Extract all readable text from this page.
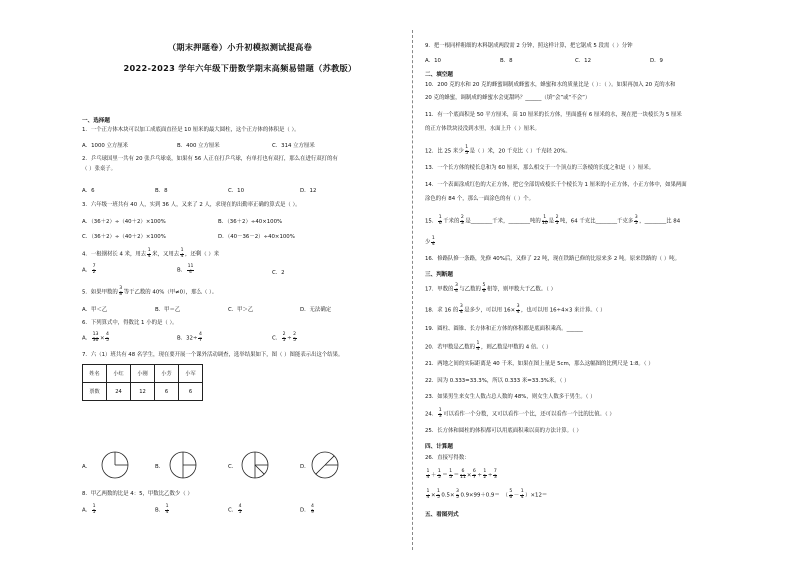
（期末押题卷）小升初模拟测试提高卷
2022-2023 学年六年级下册数学期末高频易错题（苏教版）
一、选择题
1．一个正方体木块可以加工成底面直径是 10 厘米的最大圆柱，这个正方体的体积是（ ）。
A．1000 立方厘米	B．400 立方厘米	C．314 立方厘米
2．乒乓球国里一共有 20 张乒乓球桌，如果有 56 人正在打乒乓球，有单打也有双打，那么在进行双打的有
（ ）张桌子。
A．6	B．8	C．10	D．12
3．六年级一班共有 40 人，实到 36 人，又来了 2 人，求现在的出勤率正确的算式是（ ）。
A．（36＋2）÷（40＋2）×100%	B．（36＋2）÷40×100%
C．（36＋2）÷（40＋2）×100%	D．（40－36－2）÷40×100%
4．一根钢材长 4 米，用去 $\frac{1}{4}$ 米，又用去 $\frac{1}{4}$ ，还剩（ ）米
A． $\frac{7}{2}$	B． $\frac{11}{4}$	C．2
5．如果甲数的 $\frac{3}{8}$ 等于乙数的 40%（甲≠0），那么（ ）。
A．甲＜乙	B．甲＝乙	C．甲＞乙	D．无法确定
6．下列算式中，得数比 1 小的是（ ）。
A． $\frac{13}{36} \times \frac{4}{5}$	B．$32\div \frac{4}{7}$	C． $\frac{2}{5} \div \frac{2}{5}$
7．六（1）班共有 48 名学生，现在要开展一个课外活动调查，选举结果如下，图（ ）图能表示出这个结果。
姓名	小红	小刚	小芳	小军
票数	24	12	6	6
A．	B．	C．	D．
8．甲乙两数的比是 4：5，甲数比乙数少（ ）
A． $\frac{1}{5}$	B． $\frac{1}{4}$	C． $\frac{4}{5}$	D． $\frac{4}{9}$
9．把一根同样粗细的木料锯成两段需 2 分钟，照这样计算，把它锯成 5 段需（ ）分钟
A．10	B．8	C．12	D．9
二、填空题
10．200 克的水和 20 克的蜂蜜调制成蜂蜜水，蜂蜜和水的质量比是（ ）：（ ）。如果再加入 20 克的水和
20 克的蜂蜜，调制成的蜂蜜水会更甜吗？______（填“会”或“不会”）
11．有一个底面积是 50 平方厘米，高 10 厘米的长方体，里面盛有 6 厘米的水，现在把一块棱长为 5 厘米
的正方体铁块浸没到水里，水面上升（ ）厘米。
12．比 25 米少 $\frac{1}{5}$ 是（ ）米，20 千克比（ ）千克轻 20%。
13．一个长方体的棱长总和为 60 厘米，那么相交于一个顶点的三条棱的长度之和是（ ）厘米。
14．一个表面涂成红色的大正方体，把它全部切成棱长千个棱长为 1 厘米的小正方体，小正方体中，如果两面
涂色的有 84 个，那么一面涂色的有（ ）个。
15． $\frac{1}{6}$ 千米的 $\frac{2}{3}$ 是________千米，________吨的 $\frac{1}{10}$ 是 $\frac{2}{5}$ 吨，64 千克比________千克多 $\frac{3}{5}$ ，________比 84
少 $\frac{1}{4}$
16．修路队修一条路，先修 40%后，又修了 22 吨，现在铁路已修的比原来多 2 吨。原来铁路的（ ）吨。
三、判断题
17．甲数的 $\frac{3}{4}$ 与乙数的 $\frac{5}{6}$ 相等，则甲数大于乙数。（ ）
18．求 16 的 $\frac{3}{4}$ 是多少，可以用 $16\times \frac{3}{4}$ ，也可以用 16÷4×3 来计算。（ ）
19．圆柱、圆锥、长方体和正方体的体积都是底面积乘高。______
20．若甲数是乙数的 $\frac{1}{4}$ ，则乙数是甲数的 4 倍。（ ）
21．两地之间的实际距离是 40 千米，如果在图上量是 5cm，那么这幅图的比例尺是 1:8。（ ）
22．因为 0.333=33.3%，所以 0.333 米=33.3%米。（ ）
23．如果男生来女生人数占总人数的 48%，则女生人数多于男生。（ ）
24． $\frac{1}{3}$ 可以看作一个分数，又可以看作一个比，还可以看作一个比的比值。（ ）
25．长方体和圆柱的体积都可以用底面积乘以高的方法计算。（ ）
四、计算题
26．直接写得数：
$\frac{1}{4} + \frac{1}{5} = \frac{1}{5} = \frac{6}{11} \times \frac{6}{7} \div \frac{1}{2} \div \frac{7}{3}$
$\frac{1}{4} \times \frac{1}{5} 0.5\times \frac{3}{5} 0.9\times 99+0.9=$　 （ $\frac{5}{6} - \frac{1}{4} )\times 12=$
五、看图列式
